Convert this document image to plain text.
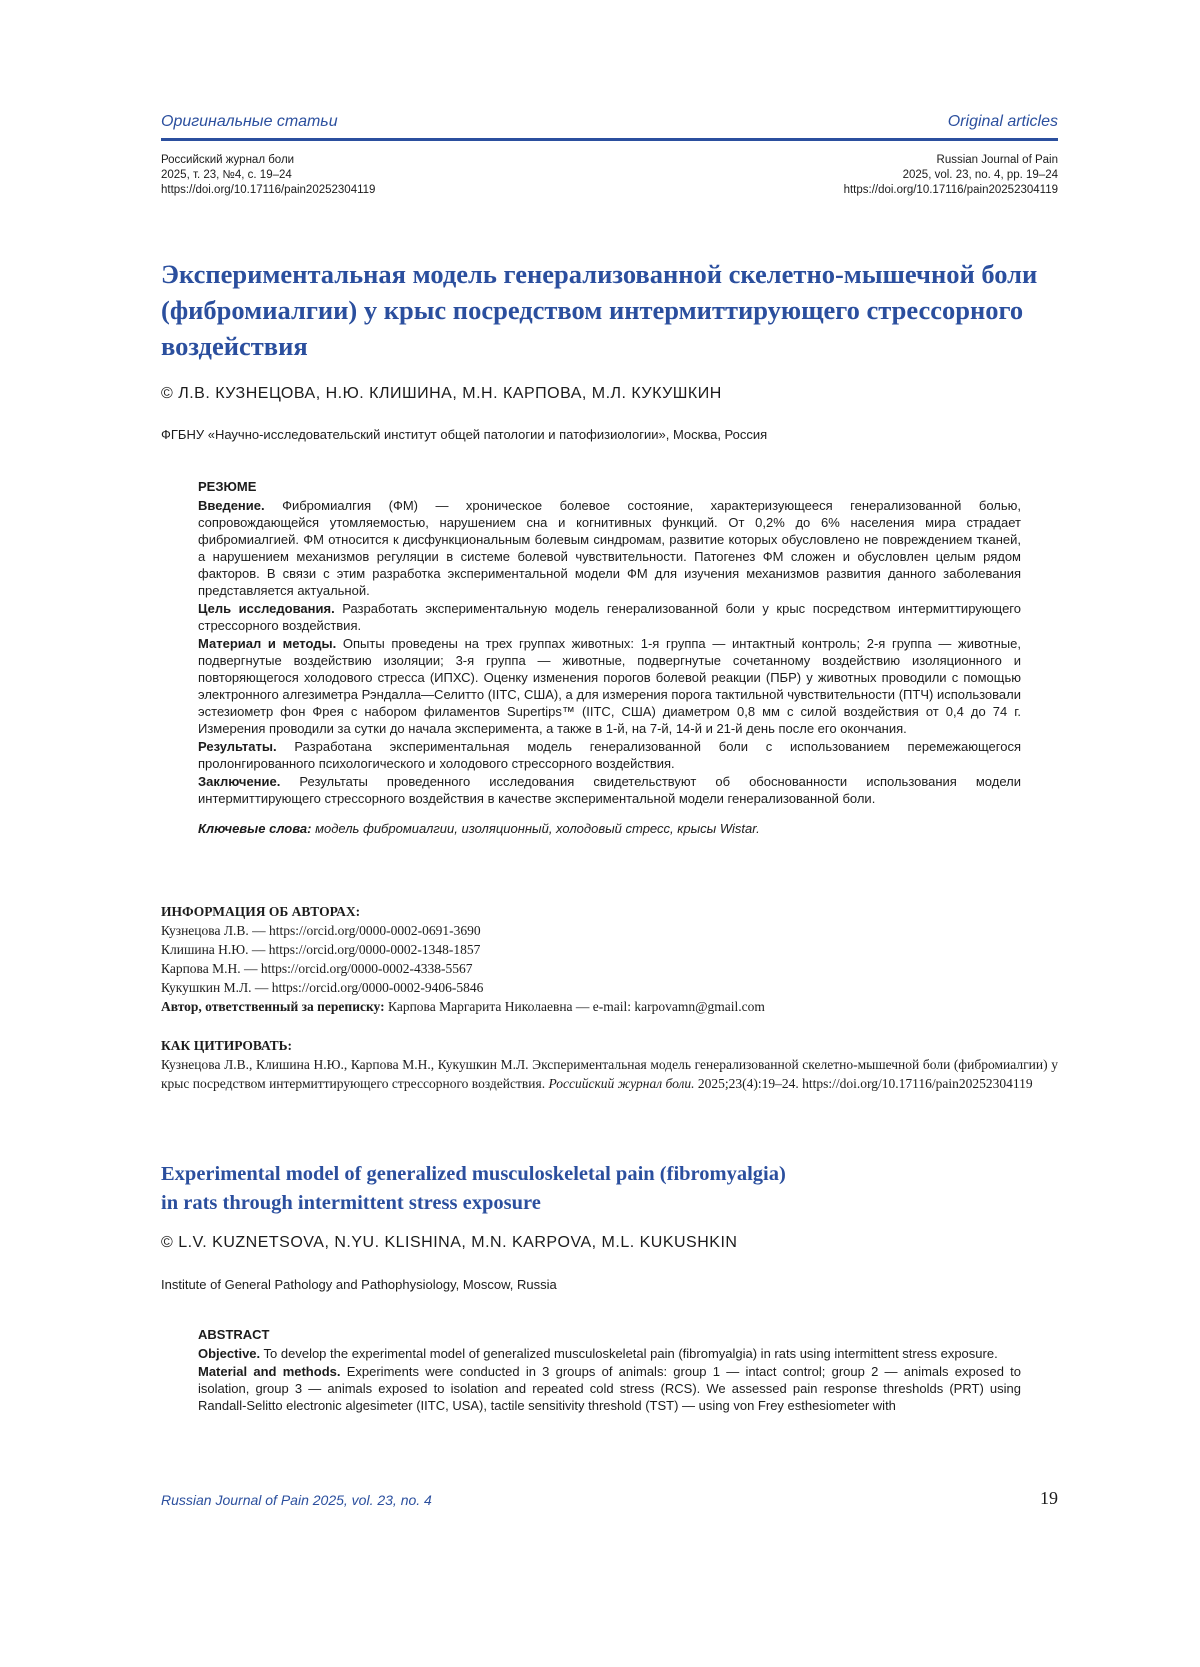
Оригинальные статьи	Original articles
Российский журнал боли
2025, т. 23, №4, с. 19–24
https://doi.org/10.17116/pain20252304119
Russian Journal of Pain
2025, vol. 23, no. 4, pp. 19–24
https://doi.org/10.17116/pain20252304119
Экспериментальная модель генерализованной скелетно-мышечной боли (фибромиалгии) у крыс посредством интермиттирующего стрессорного воздействия
© Л.В. КУЗНЕЦОВА, Н.Ю. КЛИШИНА, М.Н. КАРПОВА, М.Л. КУКУШКИН
ФГБНУ «Научно-исследовательский институт общей патологии и патофизиологии», Москва, Россия
РЕЗЮМЕ

Введение. Фибромиалгия (ФМ) — хроническое болевое состояние, характеризующееся генерализованной болью, сопровождающейся утомляемостью, нарушением сна и когнитивных функций. От 0,2% до 6% населения мира страдает фибромиалгией. ФМ относится к дисфункциональным болевым синдромам, развитие которых обусловлено не повреждением тканей, а нарушением механизмов регуляции в системе болевой чувствительности. Патогенез ФМ сложен и обусловлен целым рядом факторов. В связи с этим разработка экспериментальной модели ФМ для изучения механизмов развития данного заболевания представляется актуальной.

Цель исследования. Разработать экспериментальную модель генерализованной боли у крыс посредством интермиттирующего стрессорного воздействия.

Материал и методы. Опыты проведены на трех группах животных: 1-я группа — интактный контроль; 2-я группа — животные, подвергнутые воздействию изоляции; 3-я группа — животные, подвергнутые сочетанному воздействию изоляционного и повторяющегося холодового стресса (ИПХС). Оценку изменения порогов болевой реакции (ПБР) у животных проводили с помощью электронного алгезиметра Рэндалла—Селитто (IITC, США), а для измерения порога тактильной чувствительности (ПТЧ) использовали эстезиометр фон Фрея с набором филаментов Supertips™ (IITC, США) диаметром 0,8 мм с силой воздействия от 0,4 до 74 г. Измерения проводили за сутки до начала эксперимента, а также в 1-й, на 7-й, 14-й и 21-й день после его окончания.

Результаты. Разработана экспериментальная модель генерализованной боли с использованием перемежающегося пролонгированного психологического и холодового стрессорного воздействия.

Заключение. Результаты проведенного исследования свидетельствуют об обоснованности использования модели интермиттирующего стрессорного воздействия в качестве экспериментальной модели генерализованной боли.

Ключевые слова: модель фибромиалгии, изоляционный, холодовый стресс, крысы Wistar.
ИНФОРМАЦИЯ ОБ АВТОРАХ:
Кузнецова Л.В. — https://orcid.org/0000-0002-0691-3690
Клишина Н.Ю. — https://orcid.org/0000-0002-1348-1857
Карпова М.Н. — https://orcid.org/0000-0002-4338-5567
Кукушкин М.Л. — https://orcid.org/0000-0002-9406-5846
Автор, ответственный за переписку: Карпова Маргарита Николаевна — e-mail: karpovamn@gmail.com
КАК ЦИТИРОВАТЬ:
Кузнецова Л.В., Клишина Н.Ю., Карпова М.Н., Кукушкин М.Л. Экспериментальная модель генерализованной скелетно-мышечной боли (фибромиалгии) у крыс посредством интермиттирующего стрессорного воздействия. Российский журнал боли. 2025;23(4):19–24. https://doi.org/10.17116/pain20252304119
Experimental model of generalized musculoskeletal pain (fibromyalgia)
in rats through intermittent stress exposure
© L.V. KUZNETSOVA, N.YU. KLISHINA, M.N. KARPOVA, M.L. KUKUSHKIN
Institute of General Pathology and Pathophysiology, Moscow, Russia
ABSTRACT

Objective. To develop the experimental model of generalized musculoskeletal pain (fibromyalgia) in rats using intermittent stress exposure.

Material and methods. Experiments were conducted in 3 groups of animals: group 1 — intact control; group 2 — animals exposed to isolation, group 3 — animals exposed to isolation and repeated cold stress (RCS). We assessed pain response thresholds (PRT) using Randall-Selitto electronic algesimeter (IITC, USA), tactile sensitivity threshold (TST) — using von Frey esthesiometer with

Russian Journal of Pain 2025, vol. 23, no. 4	19
